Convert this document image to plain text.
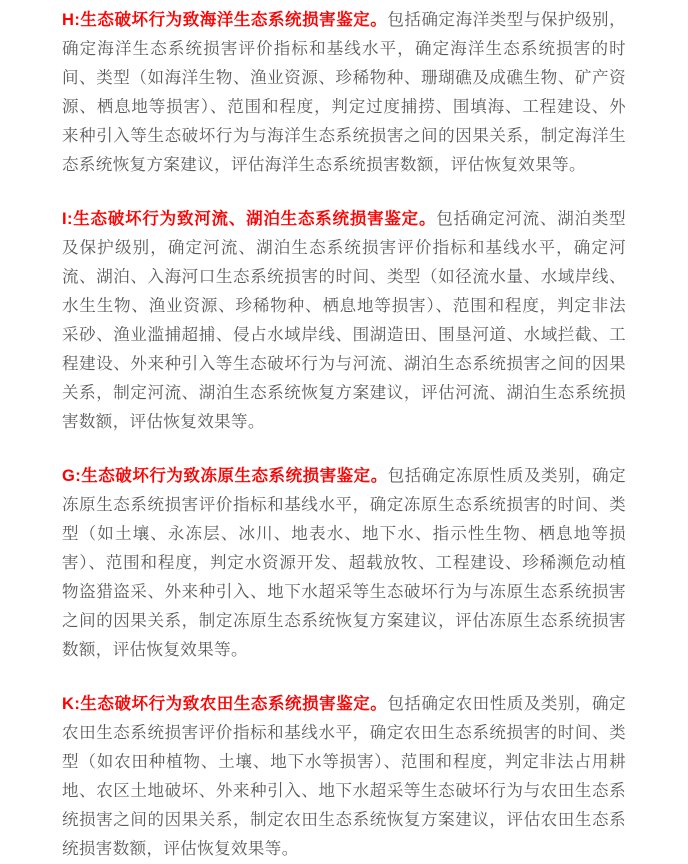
H:生态破坏行为致海洋生态系统损害鉴定。包括确定海洋类型与保护级别，确定海洋生态系统损害评价指标和基线水平，确定海洋生态系统损害的时间、类型（如海洋生物、渔业资源、珍稀物种、珊瑚礁及成礁生物、矿产资源、栖息地等损害）、范围和程度，判定过度捕捞、围填海、工程建设、外来种引入等生态破坏行为与海洋生态系统损害之间的因果关系，制定海洋生态系统恢复方案建议，评估海洋生态系统损害数额，评估恢复效果等。

I:生态破坏行为致河流、湖泊生态系统损害鉴定。包括确定河流、湖泊类型及保护级别，确定河流、湖泊生态系统损害评价指标和基线水平，确定河流、湖泊、入海河口生态系统损害的时间、类型（如径流水量、水域岸线、水生生物、渔业资源、珍稀物种、栖息地等损害）、范围和程度，判定非法采砂、渔业滥捕超捕、侵占水域岸线、围湖造田、围垦河道、水域拦截、工程建设、外来种引入等生态破坏行为与河流、湖泊生态系统损害之间的因果关系，制定河流、湖泊生态系统恢复方案建议，评估河流、湖泊生态系统损害数额，评估恢复效果等。

G:生态破坏行为致冻原生态系统损害鉴定。包括确定冻原性质及类别，确定冻原生态系统损害评价指标和基线水平，确定冻原生态系统损害的时间、类型（如土壤、永冻层、冰川、地表水、地下水、指示性生物、栖息地等损害）、范围和程度，判定水资源开发、超载放牧、工程建设、珍稀濒危动植物盗猎盗采、外来种引入、地下水超采等生态破坏行为与冻原生态系统损害之间的因果关系，制定冻原生态系统恢复方案建议，评估冻原生态系统损害数额，评估恢复效果等。

K:生态破坏行为致农田生态系统损害鉴定。包括确定农田性质及类别，确定农田生态系统损害评价指标和基线水平，确定农田生态系统损害的时间、类型（如农田种植物、土壤、地下水等损害）、范围和程度，判定非法占用耕地、农区土地破坏、外来种引入、地下水超采等生态破坏行为与农田生态系统损害之间的因果关系，制定农田生态系统恢复方案建议，评估农田生态系统损害数额，评估恢复效果等。
